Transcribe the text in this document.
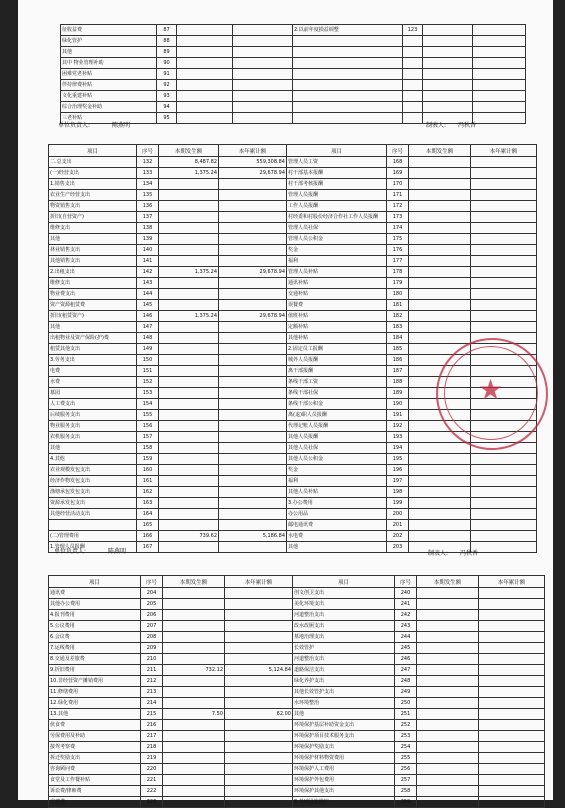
征收益费	87			2.以前年度损益调整	123		
绿化管护	88						
其他	89						
其中 物业管理补助	90						
困难党老补贴	91						
伴持律费补贴	92						
文化重建补贴	93						
综合治理奖金补助	94						
三老补贴	95						
单位负责人:	陈燕明	制表人: 冯秋香
项目	序号	本期发生额	本年累计额	项目	序号	本期发生额	本年累计额
二.总支出	132	8,487.82	559,308.84	管理人员工资	168		
(一)经营支出	133	1,375.24	29,678.94	村干部基本报酬	169		
1.销售支出	134			村干部考核报酬	170		
农业生产经营支出	135			管理人员报酬	171		
物资销售支出	136			工作人员报酬	172		
折旧(自营资产)	137			村经委和村股份经济合作社工作人员报酬	173		
维修支出	138			管理人员社保	174		
其他	139			管理人员公积金	175		
林业销售支出	140			奖金	176		
其他销售支出	141			福利	177		
2.出租支出	142	1,375.24	29,678.94	管理人员补贴	178		
维修支出	143			通讯补贴	179		
物业费支出	144			交通补贴	180		
资产资源租赁费	145			误餐费	181		
折旧(租赁资产)	146	1,375.24	29,678.94	值班补贴	182		
其他	147			定额补贴	183		
出租物业及资产保险(护)费	148			其他补贴	184		
租赁其他支出	149			2.固定员工报酬	185		
3.劳务支出	150			城外人员报酬	186		
电费	151			离干部报酬	187		
水费	152			条线干部工资	188		
慕园	153			条线干部社保	189		
人工费支出	154			条线干部公积金	190		
后续服务支出	155			离(退)职人员报酬	191		
物业服务支出	156			代理记账人员报酬	192		
农机服务支出	157			其他人员报酬	193		
其他	158			其他人员社保	194		
4.其他	159			其他人员公积金	195		
农业观模发包支出	160			奖金	196		
经济作物发包支出	161			福利	197		
渔塘承包发包支出	162			其他人员补贴	198		
资源承发包支出	163			3.办公费用	199		
其他经营活动支出	164			办公用品	200		
	165			邮电通讯费	201		
(二)管理费用	166	739.62	5,186.84	水电费	202		
1.管理人员报酬	167			其他	203		
单位负责人:	陈燕明	制表人: 冯秋香
项目	序号	本期发生额	本年累计额	项目	序号	本期发生额	本年累计额
通讯费	204			创文创卫支出	240		
其他办公费用	205			美化环境支出	241		
4.报刊费用	206			河道整治支出	242		
5.公议费用	207			改水改厕支出	243		
6.会议费	208			墓地治理支出	244		
7.运线费用	209			长效管护	245		
8.交通及差旅费	210			河道整治支出	246		
9.折旧费用	211	732.12	5,124.84	道路保洁支出	247		
10.非经营资产摊销费用	212			绿化养护支出	248		
11.修缮费用	213			其他长效管护支出	249		
12.绿化费用	214			水环境整治	250		
13.其他	215	7.50	62.00	其他	251		
伙食费	216			环境保护基层补助资金支出	252		
劳保费用及补助	217			环境保护项目技术服务支出	253		
接驾考察费	218			环境保护奖励支出	254		
拆迁奖励支出	219			环境保护材料物资费用	255		
咨询顾问费	220			环境保护人工费用	256		
食堂及工作餐补贴	221			环境保护外包费用	257		
诉讼费/律师费	222			环境保护其他支出	258		
党建费	223			8.基础设施维护	259		
★
